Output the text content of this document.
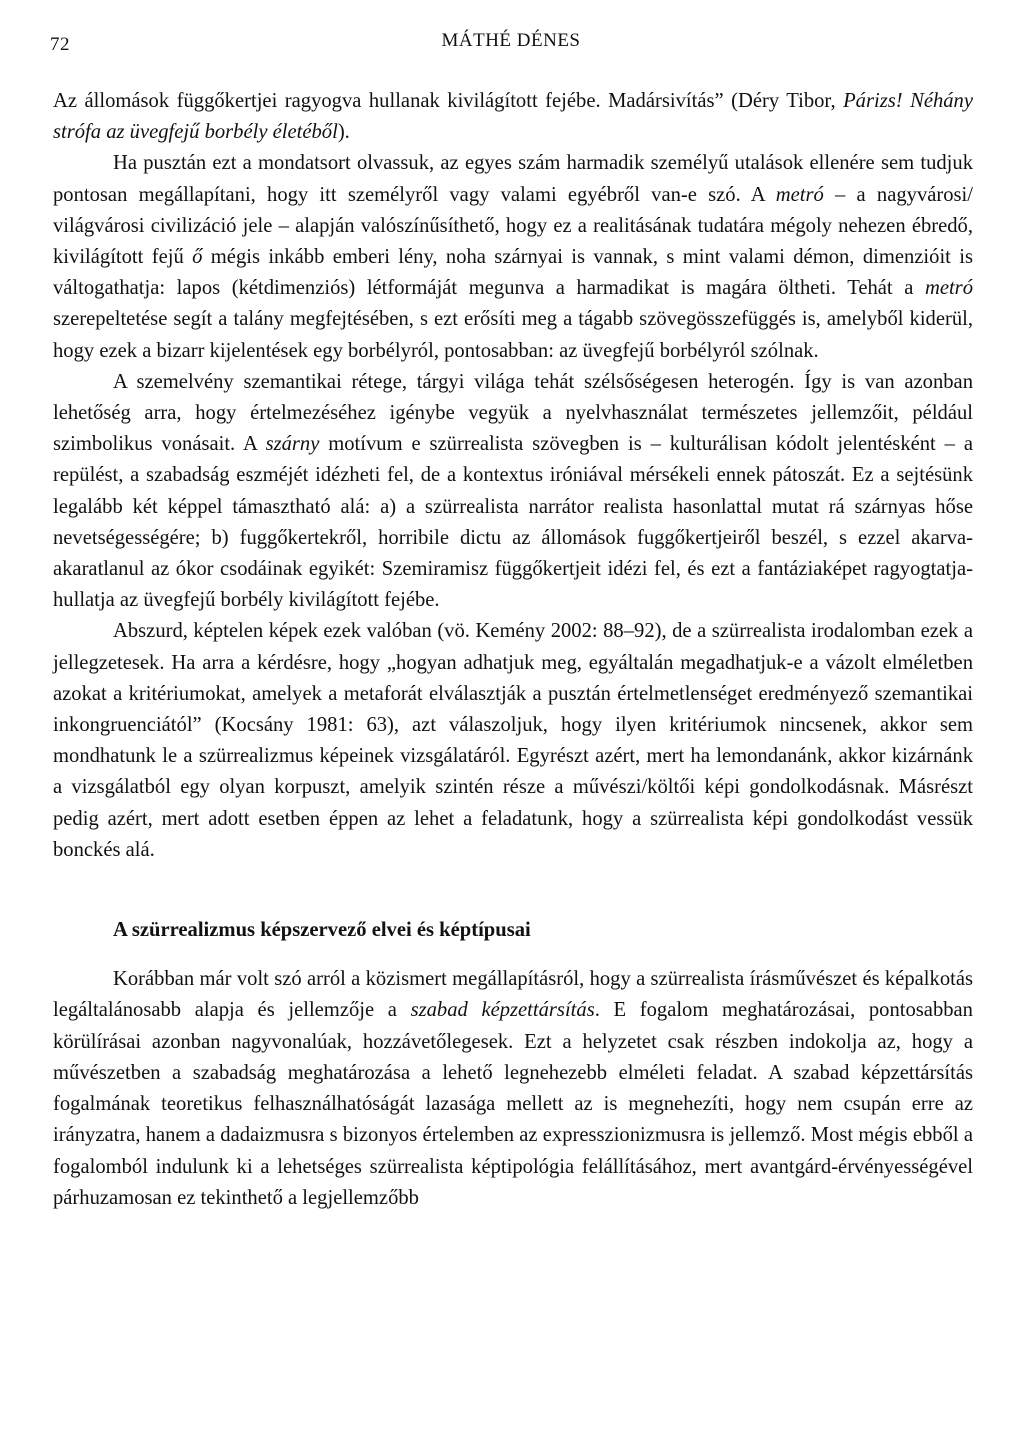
72	MÁTHÉ DÉNES

Az állomások függőkertjei ragyogva hullanak kivilágított fejébe. Madársivítás” (Déry Tibor, Párizs! Néhány strófa az üvegfejű borbély életéből).

Ha pusztán ezt a mondatsort olvassuk, az egyes szám harmadik személyű utalások ellenére sem tudjuk pontosan megállapítani, hogy itt személyről vagy valami egyébről van-e szó. A metró – a nagyvárosi/ világvárosi civilizáció jele – alapján valószínűsíthető, hogy ez a realitásának tudatára mégoly nehezen ébredő, kivilágított fejű ő mégis inkább emberi lény, noha szárnyai is vannak, s mint valami démon, dimenzióit is váltogathatja: lapos (kétdimenziós) létformáját megunva a harmadikat is magára öltheti. Tehát a metró szerepeltetése segít a talány megfejtésében, s ezt erősíti meg a tágabb szövegösszefüggés is, amelyből kiderül, hogy ezek a bizarr kijelentések egy borbélyról, pontosabban: az üvegfejű borbélyról szólnak.

A szemelvény szemantikai rétege, tárgyi világa tehát szélsőségesen heterogén. Így is van azonban lehetőség arra, hogy értelmezéséhez igénybe vegyük a nyelvhasználat természetes jellemzőit, például szimbolikus vonásait. A szárny motívum e szürrealista szövegben is – kulturálisan kódolt jelentésként – a repülést, a szabadság eszméjét idézheti fel, de a kontextus iróniával mérsékeli ennek pátoszát. Ez a sejtésünk legalább két képpel támasztható alá: a) a szürrealista narrátor realista hasonlattal mutat rá szárnyas hőse nevetségességére; b) fuggőkertekről, horribile dictu az állomások fuggőkertjeiről beszél, s ezzel akarva-akaratlanul az ókor csodáinak egyikét: Szemiramisz függőkertjeit idézi fel, és ezt a fantáziaképet ragyogtatja-hullatja az üvegfejű borbély kivilágított fejébe.

Abszurd, képtelen képek ezek valóban (vö. Kemény 2002: 88–92), de a szürrealista irodalomban ezek a jellegzetesek. Ha arra a kérdésre, hogy „hogyan adhatjuk meg, egyáltalán megadhatjuk-e a vázolt elméletben azokat a kritériumokat, amelyek a metaforát elválasztják a pusztán értelmetlenséget eredményező szemantikai inkongruenciától” (Kocsány 1981: 63), azt válaszoljuk, hogy ilyen kritériumok nincsenek, akkor sem mondhatunk le a szürrealizmus képeinek vizsgálatáról. Egyrészt azért, mert ha lemondanánk, akkor kizárnánk a vizsgálatból egy olyan korpuszt, amelyik szintén része a művészi/költői képi gondolkodásnak. Másrészt pedig azért, mert adott esetben éppen az lehet a feladatunk, hogy a szürrealista képi gondolkodást vessük bonckés alá.

A szürrealizmus képszervező elvei és képtípusai

Korábban már volt szó arról a közismert megállapításról, hogy a szürrealista írásművészet és képalkotás legáltalánosabb alapja és jellemzője a szabad képzettársítás. E fogalom meghatározásai, pontosabban körülírásai azonban nagyvonalúak, hozzávetőlegesek. Ezt a helyzetet csak részben indokolja az, hogy a művészetben a szabadság meghatározása a lehető legnehezebb elméleti feladat. A szabad képzettársítás fogalmának teoretikus felhasználhatóságát lazasága mellett az is megnehezíti, hogy nem csupán erre az irányzatra, hanem a dadaizmusra s bizonyos értelemben az expresszionizmusra is jellemző. Most mégis ebből a fogalomból indulunk ki a lehetséges szürrealista képtipológia felállításához, mert avantgárd-érvényességével párhuzamosan ez tekinthető a legjellemzőbb
